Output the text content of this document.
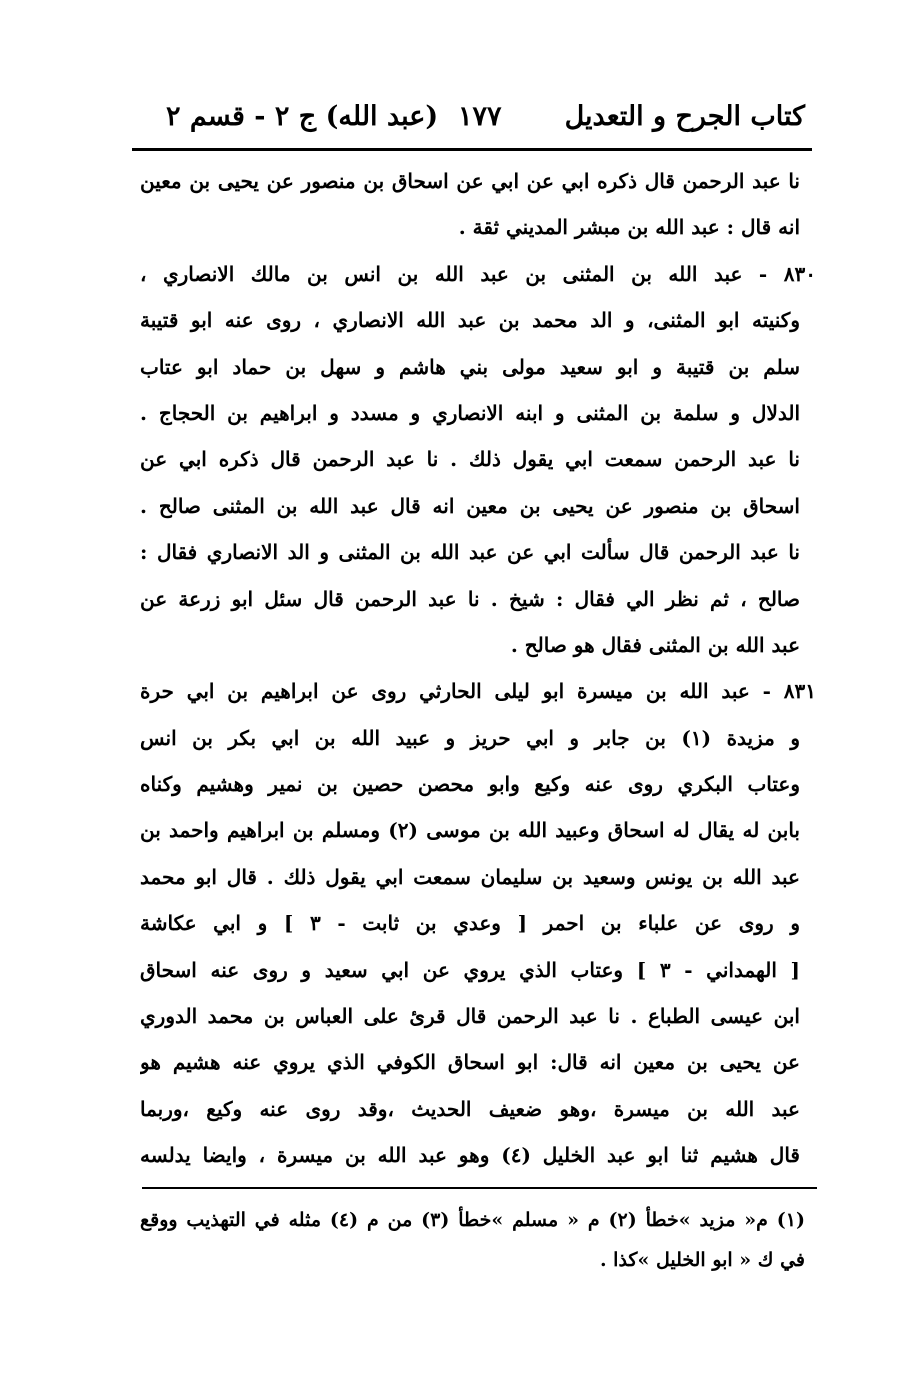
كتاب الجرح و التعديل
١٧٧
(عبد الله) ج ٢ - قسم ٢
نا عبد الرحمن قال ذكره ابي عن ابي عن اسحاق بن منصور عن يحيى بن معين
انه قال : عبد الله بن مبشر المديني ثقة .
٨٣٠ - عبد الله بن المثنى بن عبد الله بن انس بن مالك الانصاري ،
وكنيته ابو المثنى، و الد محمد بن عبد الله الانصاري ، روى عنه ابو قتيبة
سلم بن قتيبة و ابو سعيد مولى بني هاشم و سهل بن حماد ابو عتاب
الدلال و سلمة بن المثنى و ابنه الانصاري و مسدد و ابراهيم بن الحجاج .
نا عبد الرحمن سمعت ابي يقول ذلك . نا عبد الرحمن قال ذكره ابي عن
اسحاق بن منصور عن يحيى بن معين انه قال عبد الله بن المثنى صالح .
نا عبد الرحمن قال سألت ابي عن عبد الله بن المثنى و الد الانصاري فقال :
صالح ، ثم نظر الي فقال : شيخ . نا عبد الرحمن قال سئل ابو زرعة عن
عبد الله بن المثنى فقال هو صالح .
٨٣١ - عبد الله بن ميسرة ابو ليلى الحارثي روى عن ابراهيم بن ابي حرة
و مزيدة (١) بن جابر و ابي حريز و عبيد الله بن ابي بكر بن انس
وعتاب البكري روى عنه وكيع وابو محصن حصين بن نمير وهشيم وكناه
بابن له يقال له اسحاق وعبيد الله بن موسى (٢) ومسلم بن ابراهيم واحمد بن
عبد الله بن يونس وسعيد بن سليمان سمعت ابي يقول ذلك . قال ابو محمد
و روى عن علباء بن احمر [ وعدي بن ثابت - ٣ ] و ابي عكاشة
[ الهمداني - ٣ ] وعتاب الذي يروي عن ابي سعيد و روى عنه اسحاق
ابن عيسى الطباع . نا عبد الرحمن قال قرئ على العباس بن محمد الدوري
عن يحيى بن معين انه قال: ابو اسحاق الكوفي الذي يروي عنه هشيم هو
عبد الله بن ميسرة ،وهو ضعيف الحديث ،وقد روى عنه وكيع ،وربما
قال هشيم ثنا ابو عبد الخليل (٤) وهو عبد الله بن ميسرة ، وايضا يدلسه
(١) م« مزيد »خطأ (٢) م « مسلم »خطأ (٣) من م (٤) مثله في التهذيب ووقع
في ك « ابو الخليل »كذا .
